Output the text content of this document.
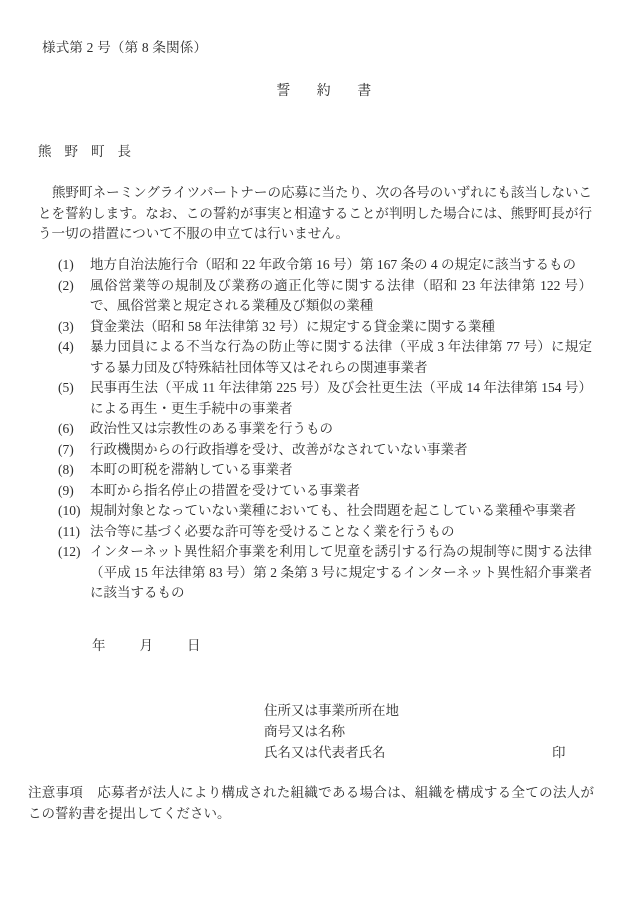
様式第 2 号（第 8 条関係）
誓 約 書
熊 野 町 長
熊野町ネーミングライツパートナーの応募に当たり、次の各号のいずれにも該当しないことを誓約します。なお、この誓約が事実と相違することが判明した場合には、熊野町長が行う一切の措置について不服の申立ては行いません。
(1)	地方自治法施行令（昭和 22 年政令第 16 号）第 167 条の 4 の規定に該当するもの
(2)	風俗営業等の規制及び業務の適正化等に関する法律（昭和 23 年法律第 122 号）で、風俗営業と規定される業種及び類似の業種
(3)	貸金業法（昭和 58 年法律第 32 号）に規定する貸金業に関する業種
(4)	暴力団員による不当な行為の防止等に関する法律（平成 3 年法律第 77 号）に規定する暴力団及び特殊結社団体等又はそれらの関連事業者
(5)	民事再生法（平成 11 年法律第 225 号）及び会社更生法（平成 14 年法律第 154 号）による再生・更生手続中の事業者
(6)	政治性又は宗教性のある事業を行うもの
(7)	行政機関からの行政指導を受け、改善がなされていない事業者
(8)	本町の町税を滞納している事業者
(9)	本町から指名停止の措置を受けている事業者
(10) 規制対象となっていない業種においても、社会問題を起こしている業種や事業者
(11) 法令等に基づく必要な許可等を受けることなく業を行うもの
(12) インターネット異性紹介事業を利用して児童を誘引する行為の規制等に関する法律（平成 15 年法律第 83 号）第 2 条第 3 号に規定するインターネット異性紹介事業者に該当するもの
年	月	日
住所又は事業所所在地
商号又は名称
氏名又は代表者氏名	印
注意事項 応募者が法人により構成された組織である場合は、組織を構成する全ての法人がこの誓約書を提出してください。
